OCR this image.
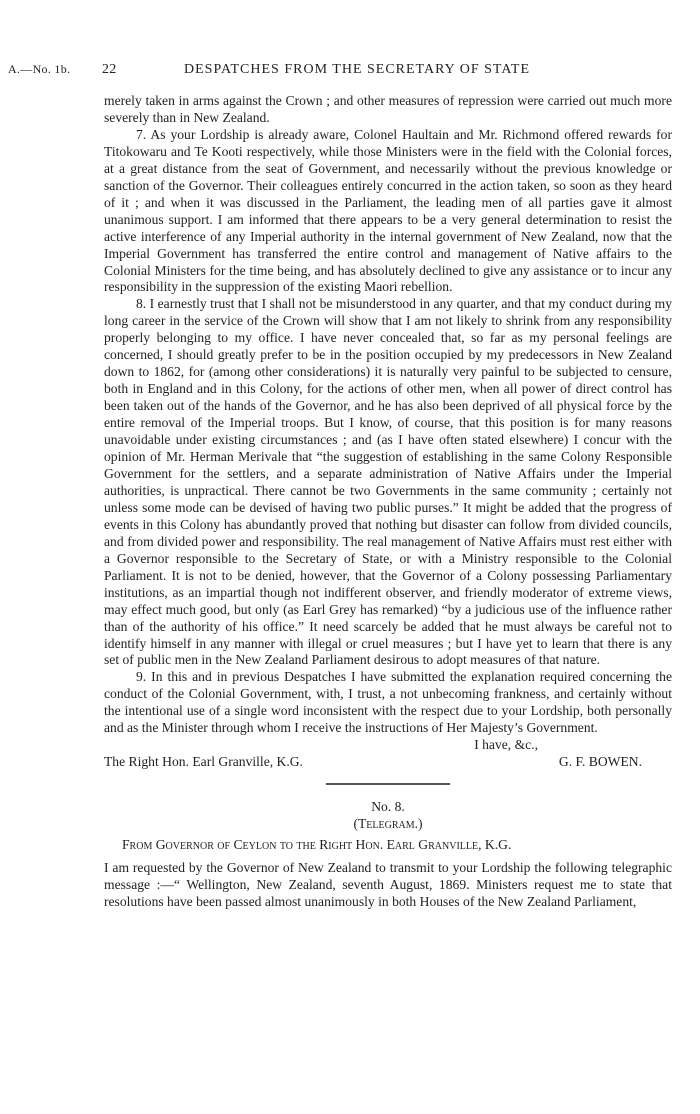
A.—No. 1b. 22	DESPATCHES FROM THE SECRETARY OF STATE

merely taken in arms against the Crown ; and other measures of repression were carried out much more severely than in New Zealand.

7. As your Lordship is already aware, Colonel Haultain and Mr. Richmond offered rewards for Titokowaru and Te Kooti respectively, while those Ministers were in the field with the Colonial forces, at a great distance from the seat of Government, and necessarily without the previous knowledge or sanction of the Governor. Their colleagues entirely concurred in the action taken, so soon as they heard of it ; and when it was discussed in the Parliament, the leading men of all parties gave it almost unanimous support. I am informed that there appears to be a very general determination to resist the active interference of any Imperial authority in the internal government of New Zealand, now that the Imperial Government has transferred the entire control and management of Native affairs to the Colonial Ministers for the time being, and has absolutely declined to give any assistance or to incur any responsibility in the suppression of the existing Maori rebellion.

8. I earnestly trust that I shall not be misunderstood in any quarter, and that my conduct during my long career in the service of the Crown will show that I am not likely to shrink from any responsibility properly belonging to my office. I have never concealed that, so far as my personal feelings are concerned, I should greatly prefer to be in the position occupied by my predecessors in New Zealand down to 1862, for (among other considerations) it is naturally very painful to be subjected to censure, both in England and in this Colony, for the actions of other men, when all power of direct control has been taken out of the hands of the Governor, and he has also been deprived of all physical force by the entire removal of the Imperial troops. But I know, of course, that this position is for many reasons unavoidable under existing circumstances ; and (as I have often stated elsewhere) I concur with the opinion of Mr. Herman Merivale that “the suggestion of establishing in the same Colony Responsible Government for the settlers, and a separate administration of Native Affairs under the Imperial authorities, is unpractical. There cannot be two Governments in the same community ; certainly not unless some mode can be devised of having two public purses.” It might be added that the progress of events in this Colony has abundantly proved that nothing but disaster can follow from divided councils, and from divided power and responsibility. The real management of Native Affairs must rest either with a Governor responsible to the Secretary of State, or with a Ministry responsible to the Colonial Parliament. It is not to be denied, however, that the Governor of a Colony possessing Parliamentary institutions, as an impartial though not indifferent observer, and friendly moderator of extreme views, may effect much good, but only (as Earl Grey has remarked) “by a judicious use of the influence rather than of the authority of his office.” It need scarcely be added that he must always be careful not to identify himself in any manner with illegal or cruel measures ; but I have yet to learn that there is any set of public men in the New Zealand Parliament desirous to adopt measures of that nature.

9. In this and in previous Despatches I have submitted the explanation required concerning the conduct of the Colonial Government, with, I trust, a not unbecoming frankness, and certainly without the intentional use of a single word inconsistent with the respect due to your Lordship, both personally and as the Minister through whom I receive the instructions of Her Majesty’s Government.

I have, &c.,

The Right Hon. Earl Granville, K.G.	G. F. BOWEN.

No. 8.

(Telegram.)

From Governor of Ceylon to the Right Hon. Earl Granville, K.G.

I am requested by the Governor of New Zealand to transmit to your Lordship the following telegraphic message :—“ Wellington, New Zealand, seventh August, 1869. Ministers request me to state that resolutions have been passed almost unanimously in both Houses of the New Zealand Parliament,
